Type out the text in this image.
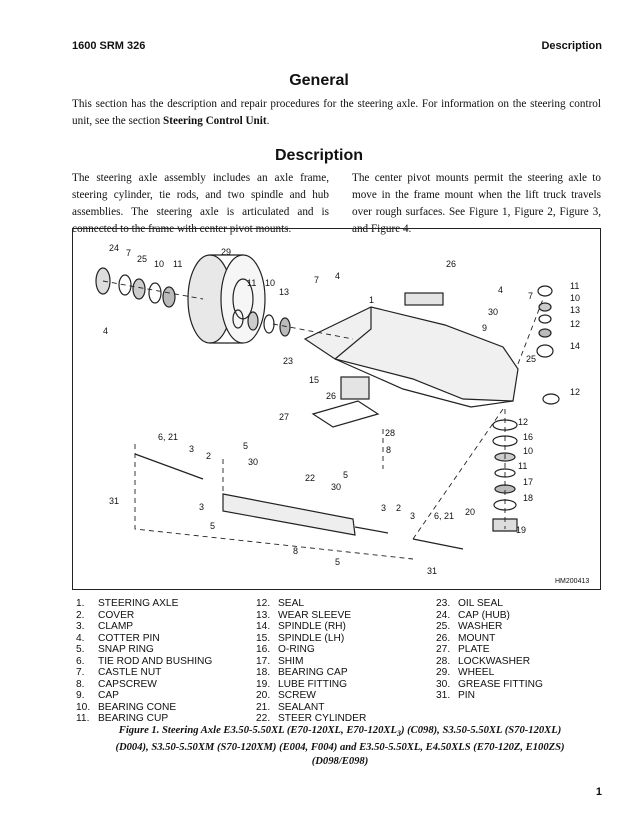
1600 SRM 326	Description
General
This section has the description and repair procedures for the steering axle. For information on the steering control unit, see the section Steering Control Unit.
Description
The steering axle assembly includes an axle frame, steering cylinder, tie rods, and two spindle and hub assemblies. The steering axle is articulated and is connected to the frame with center pivot mounts.
The center pivot mounts permit the steering axle to move in the frame mount when the lift truck travels over rough surfaces. See Figure 1, Figure 2, Figure 3, and Figure 4.
24 7
25 10 11
29
4
11 10
13
7 4
1
26
4
7
11
10
13
30
9	12
14
25
23
15
26	12
27	12
16
28
8	10
6, 21
11
3
2
5
30
17
22	5
18
30
20
31
3	3 2
3 6, 21
19
5
8
5
31
HM200413
1. STEERING AXLE
2. COVER
3. CLAMP
4. COTTER PIN
5. SNAP RING
6. TIE ROD AND BUSHING
7. CASTLE NUT
8. CAPSCREW
9. CAP
10. BEARING CONE
11. BEARING CUP
12. SEAL
13. WEAR SLEEVE
14. SPINDLE (RH)
15. SPINDLE (LH)
16. O-RING
17. SHIM
18. BEARING CAP
19. LUBE FITTING
20. SCREW
21. SEALANT
22. STEER CYLINDER
23. OIL SEAL
24. CAP (HUB)
25. WASHER
26. MOUNT
27. PLATE
28. LOCKWASHER
29. WHEEL
30. GREASE FITTING
31. PIN
Figure 1. Steering Axle E3.50-5.50XL (E70-120XL, $E70-120XL_3$) (C098), S3.50-5.50XL (S70-120XL)
(D004), S3.50-5.50XM (S70-120XM) (E004, F004) and E3.50-5.50XL, E4.50XLS (E70-120Z, E100ZS)
(D098/E098)
1
